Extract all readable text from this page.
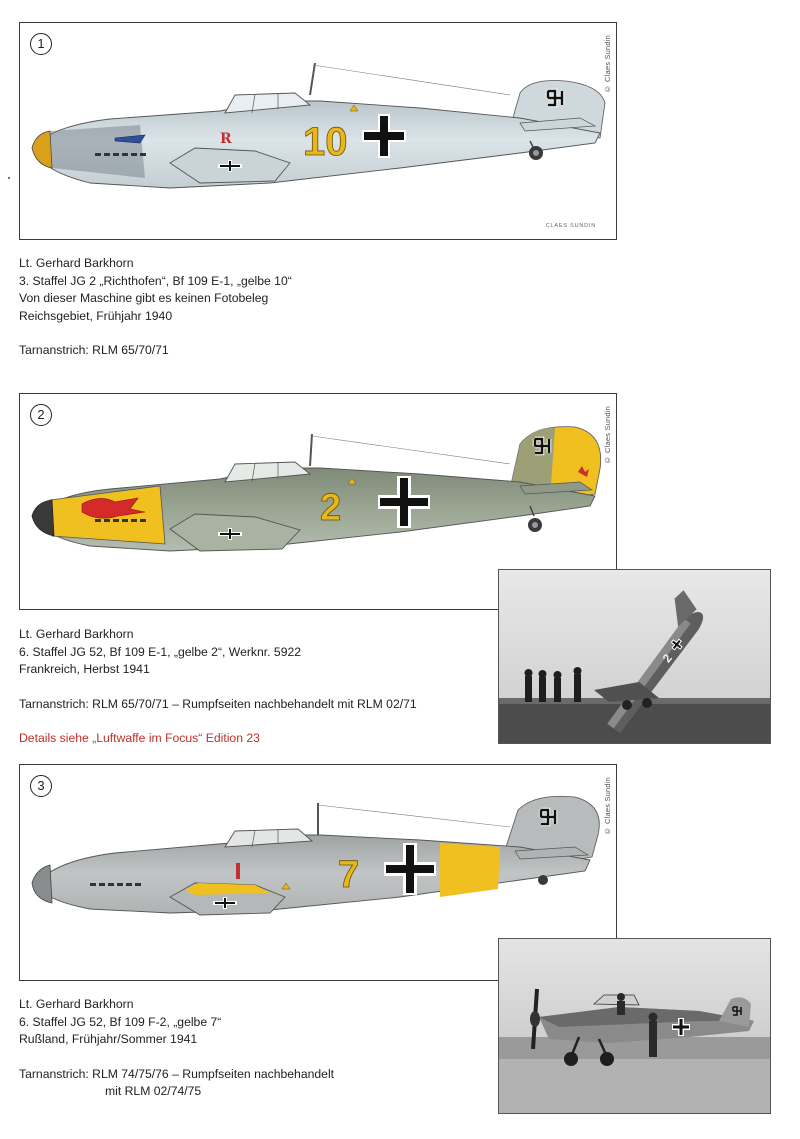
1	© Claes Sundin
CLAES SUNDIN
R 10
Lt. Gerhard Barkhorn
3. Staffel JG 2 „Richthofen“, Bf 109 E-1, „gelbe 10“
Von dieser Maschine gibt es keinen Fotobeleg
Reichsgebiet, Frühjahr 1940
Tarnanstrich: RLM 65/70/71
2	© Claes Sundin
2
Lt. Gerhard Barkhorn
6. Staffel JG 52, Bf 109 E-1, „gelbe 2“, Werknr. 5922
Frankreich, Herbst 1941
Tarnanstrich: RLM 65/70/71 – Rumpfseiten nachbehandelt mit RLM 02/71
Details siehe „Luftwaffe im Focus“ Edition 23
2
3	© Claes Sundin
7
Lt. Gerhard Barkhorn
6. Staffel JG 52, Bf 109 F-2, „gelbe 7“
Rußland, Frühjahr/Sommer 1941
Tarnanstrich: RLM 74/75/76 – Rumpfseiten nachbehandelt
mit RLM 02/74/75
